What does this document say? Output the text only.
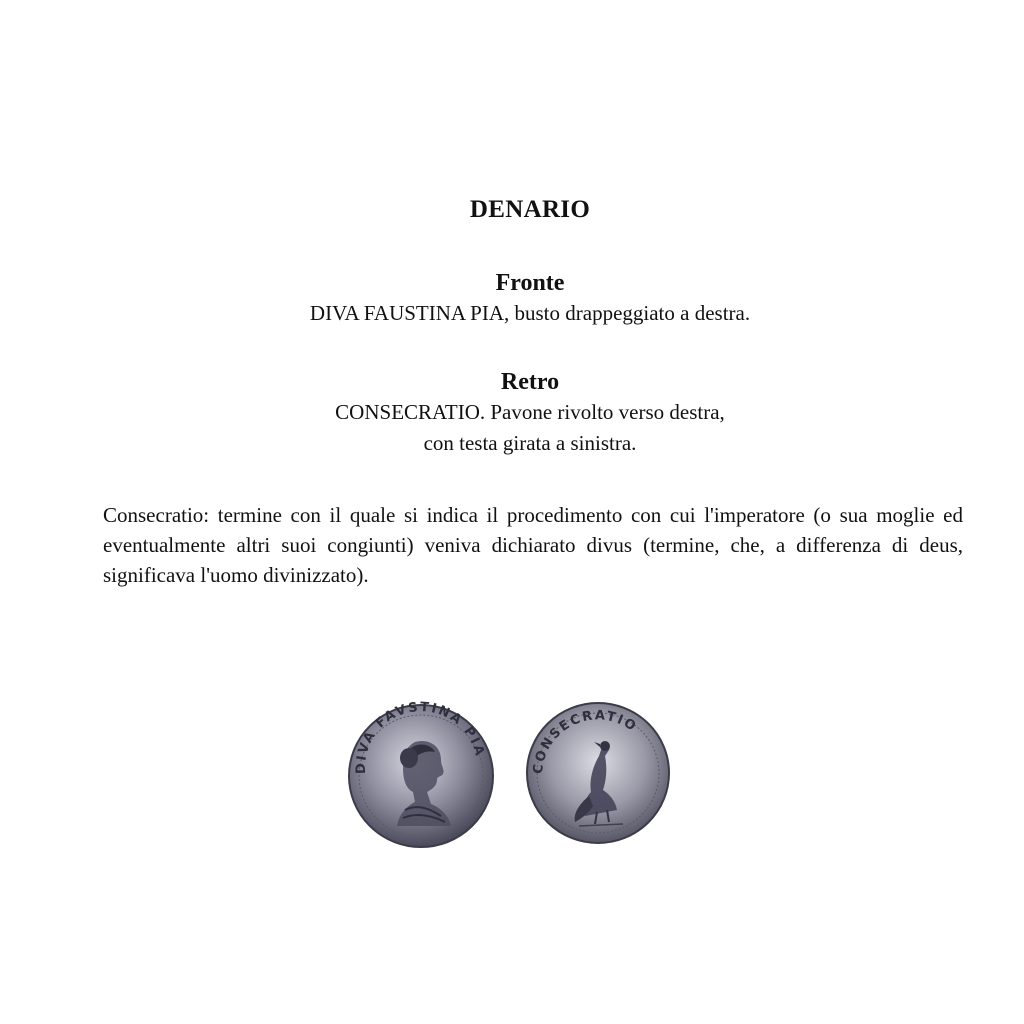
DENARIO
Fronte
DIVA FAUSTINA PIA, busto drappeggiato a destra.
Retro
CONSECRATIO. Pavone rivolto verso destra,
con testa girata a sinistra.
Consecratio: termine con il quale si indica il procedimento con cui l'imperatore (o sua moglie ed eventualmente altri suoi congiunti) veniva dichiarato divus (termine, che, a differenza di deus, significava l'uomo divinizzato).
DIVA FAVSTINA PIA
CONSECRATIO
